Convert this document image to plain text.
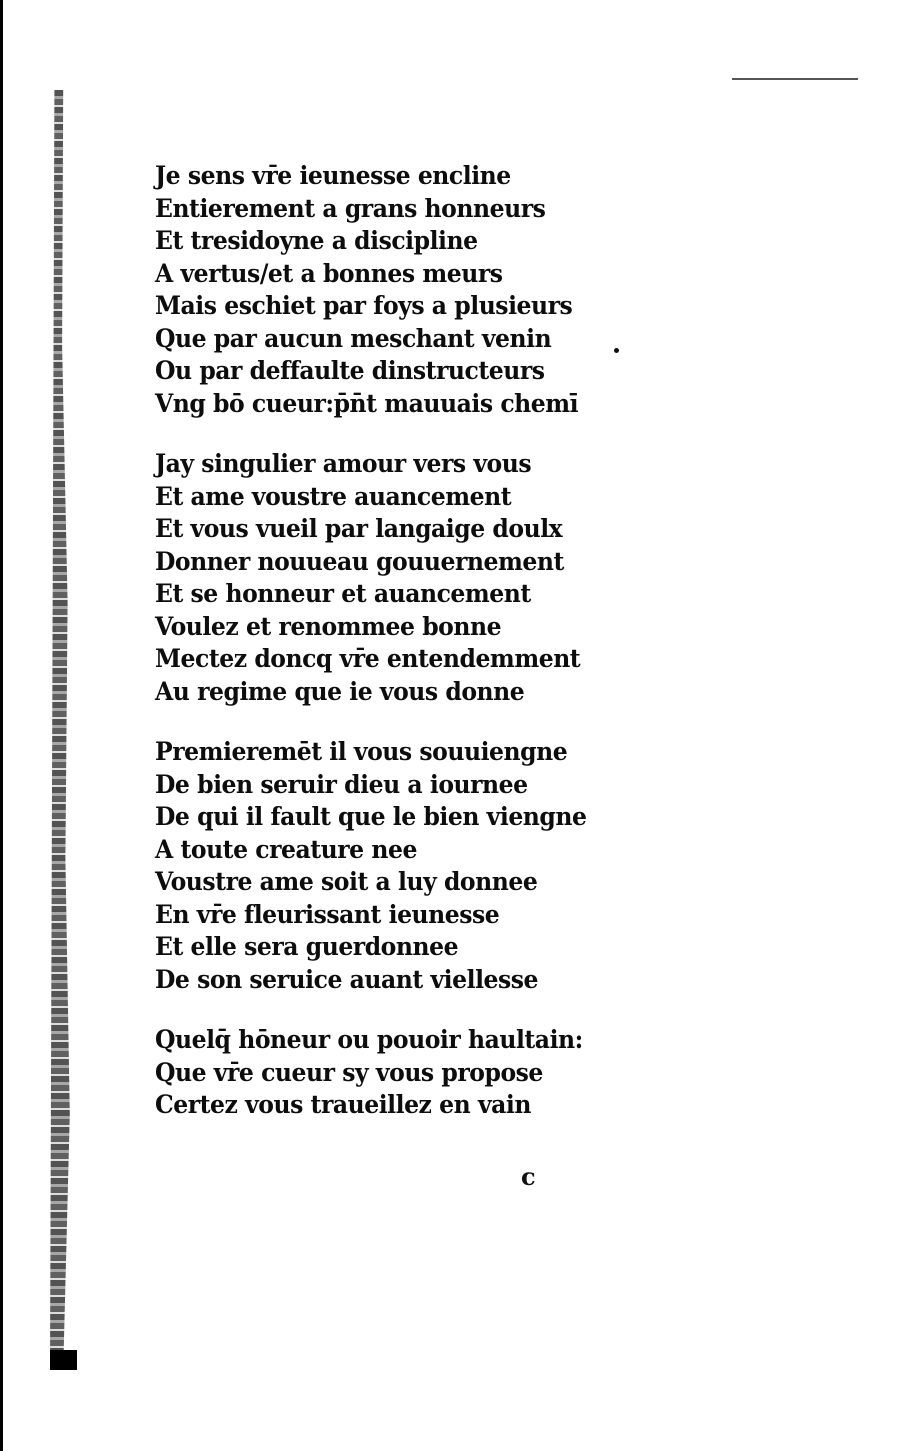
Je sens vr̄e ieunesse encline
Entierement a grans honneurs
Et tresidoyne a discipline
A vertus/et a bonnes meurs
Mais eschiet par foys a plusieurs
Que par aucun meschant venin
Ou par deffaulte dinstructeurs
Vng bō cueur:p̄n̄t mauuais chemī
Jay singulier amour vers vous
Et ame voustre auancement
Et vous vueil par langaige doulx
Donner nouueau gouuernement
Et se honneur et auancement
Voulez et renommee bonne
Mectez doncq vr̄e entendemment
Au regime que ie vous donne
Premieremēt il vous souuiengne
De bien seruir dieu a iournee
De qui il fault que le bien viengne
A toute creature nee
Voustre ame soit a luy donnee
En vr̄e fleurissant ieunesse
Et elle sera guerdonnee
De son seruice auant viellesse
Quelq̄ hōneur ou pouoir haultain:
Que vr̄e cueur sy vous propose
Certez vous traueillez en vain
c
